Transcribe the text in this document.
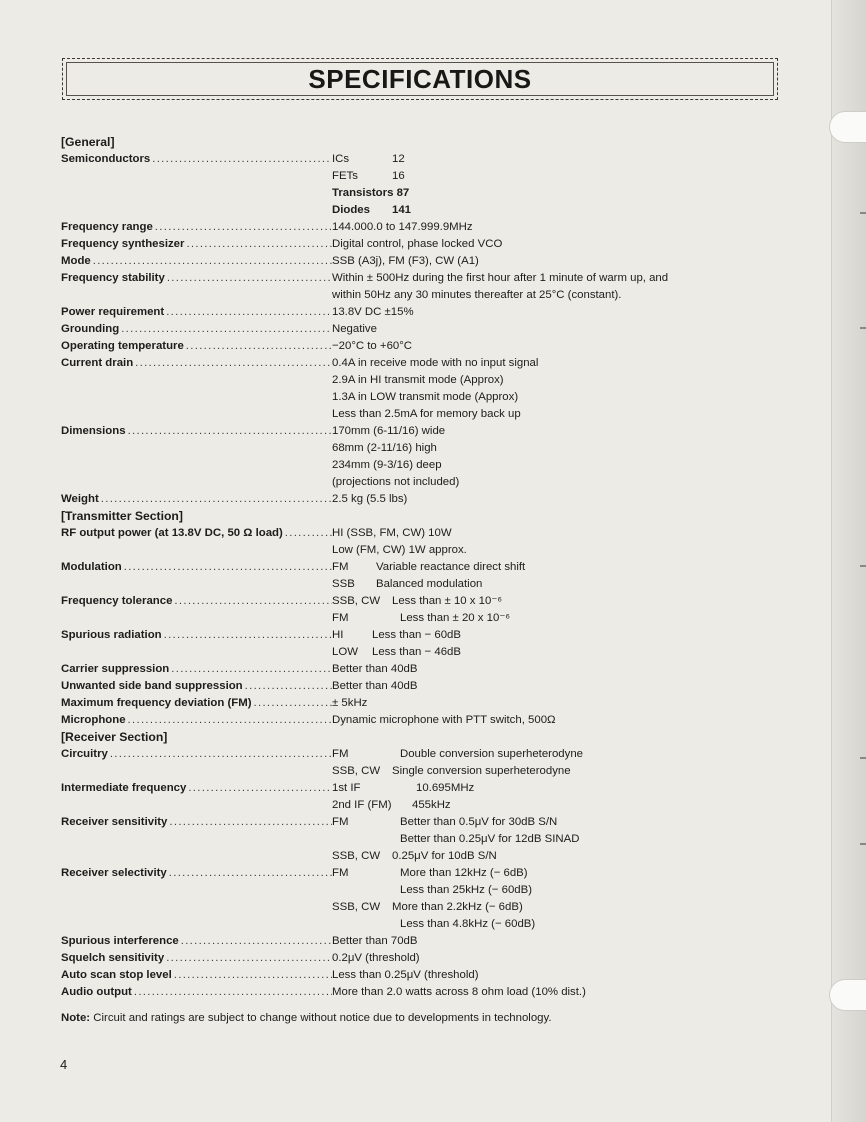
SPECIFICATIONS
[General]
Semiconductors .....	ICs	12
FETs	16
Transistors 87
Diodes 141
Frequency range .....	144.000.0 to 147.999.9MHz
Frequency synthesizer .....	Digital control, phase locked VCO
Mode .....	SSB (A3j), FM (F3), CW (A1)
Frequency stability .....	Within ± 500Hz during the first hour after 1 minute of warm up, and
within 50Hz any 30 minutes thereafter at 25°C (constant).
Power requirement .....	13.8V DC ±15%
Grounding .....	Negative
Operating temperature .....	−20°C to +60°C
Current drain .....	0.4A in receive mode with no input signal
2.9A in HI transmit mode (Approx)
1.3A in LOW transmit mode (Approx)
Less than 2.5mA for memory back up
Dimensions .....	170mm (6-11/16) wide
68mm (2-11/16) high
234mm (9-3/16) deep
(projections not included)
Weight .....	2.5 kg (5.5 lbs)
[Transmitter Section]
RF output power (at 13.8V DC, 50 Ω load) .....	HI (SSB, FM, CW) 10W
Low (FM, CW) 1W approx.
Modulation .....	FM Variable reactance direct shift
SSB Balanced modulation
Frequency tolerance .....	SSB, CW Less than ± 10 x 10⁻⁶
FM	Less than ± 20 x 10⁻⁶
Spurious radiation .....	HI	Less than − 60dB
LOW Less than − 46dB
Carrier suppression .....	Better than 40dB
Unwanted side band suppression .....	Better than 40dB
Maximum frequency deviation (FM) .....	± 5kHz
Microphone .....	Dynamic microphone with PTT switch, 500Ω
[Receiver Section]
Circuitry .....	FM	Double conversion superheterodyne
SSB, CW Single conversion superheterodyne
Intermediate frequency .....	1st IF	10.695MHz
2nd IF (FM) 455kHz
Receiver sensitivity .....	FM	Better than 0.5μV for 30dB S/N
Better than 0.25μV for 12dB SINAD
SSB, CW 0.25μV for 10dB S/N
Receiver selectivity .....	FM	More than 12kHz (− 6dB)
Less than 25kHz (− 60dB)
SSB, CW More than 2.2kHz (− 6dB)
Less than 4.8kHz (− 60dB)
Spurious interference .....	Better than 70dB
Squelch sensitivity .....	0.2μV (threshold)
Auto scan stop level .....	Less than 0.25μV (threshold)
Audio output .....	More than 2.0 watts across 8 ohm load (10% dist.)
Note: Circuit and ratings are subject to change without notice due to developments in technology.
4
